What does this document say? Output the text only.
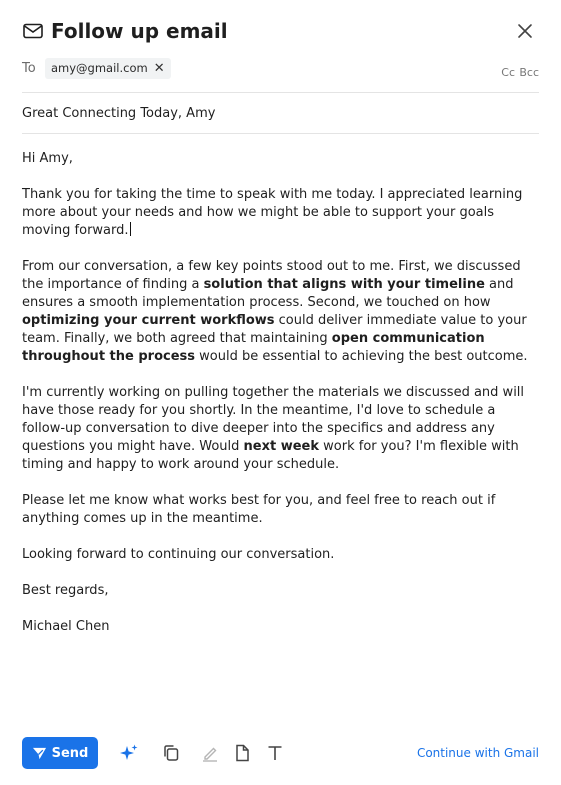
Follow up email
To amy@gmail.com ✕	Cc Bcc
Great Connecting Today, Amy

Hi Amy,

Thank you for taking the time to speak with me today. I appreciated learning more about your needs and how we might be able to support your goals moving forward.

From our conversation, a few key points stood out to me. First, we discussed the importance of finding a solution that aligns with your timeline and ensures a smooth implementation process. Second, we touched on how optimizing your current workflows could deliver immediate value to your team. Finally, we both agreed that maintaining open communication throughout the process would be essential to achieving the best outcome.

I'm currently working on pulling together the materials we discussed and will have those ready for you shortly. In the meantime, I'd love to schedule a follow-up conversation to dive deeper into the specifics and address any questions you might have. Would next week work for you? I'm flexible with timing and happy to work around your schedule.

Please let me know what works best for you, and feel free to reach out if anything comes up in the meantime.

Looking forward to continuing our conversation.

Best regards,

Michael Chen

Send	Continue with Gmail
